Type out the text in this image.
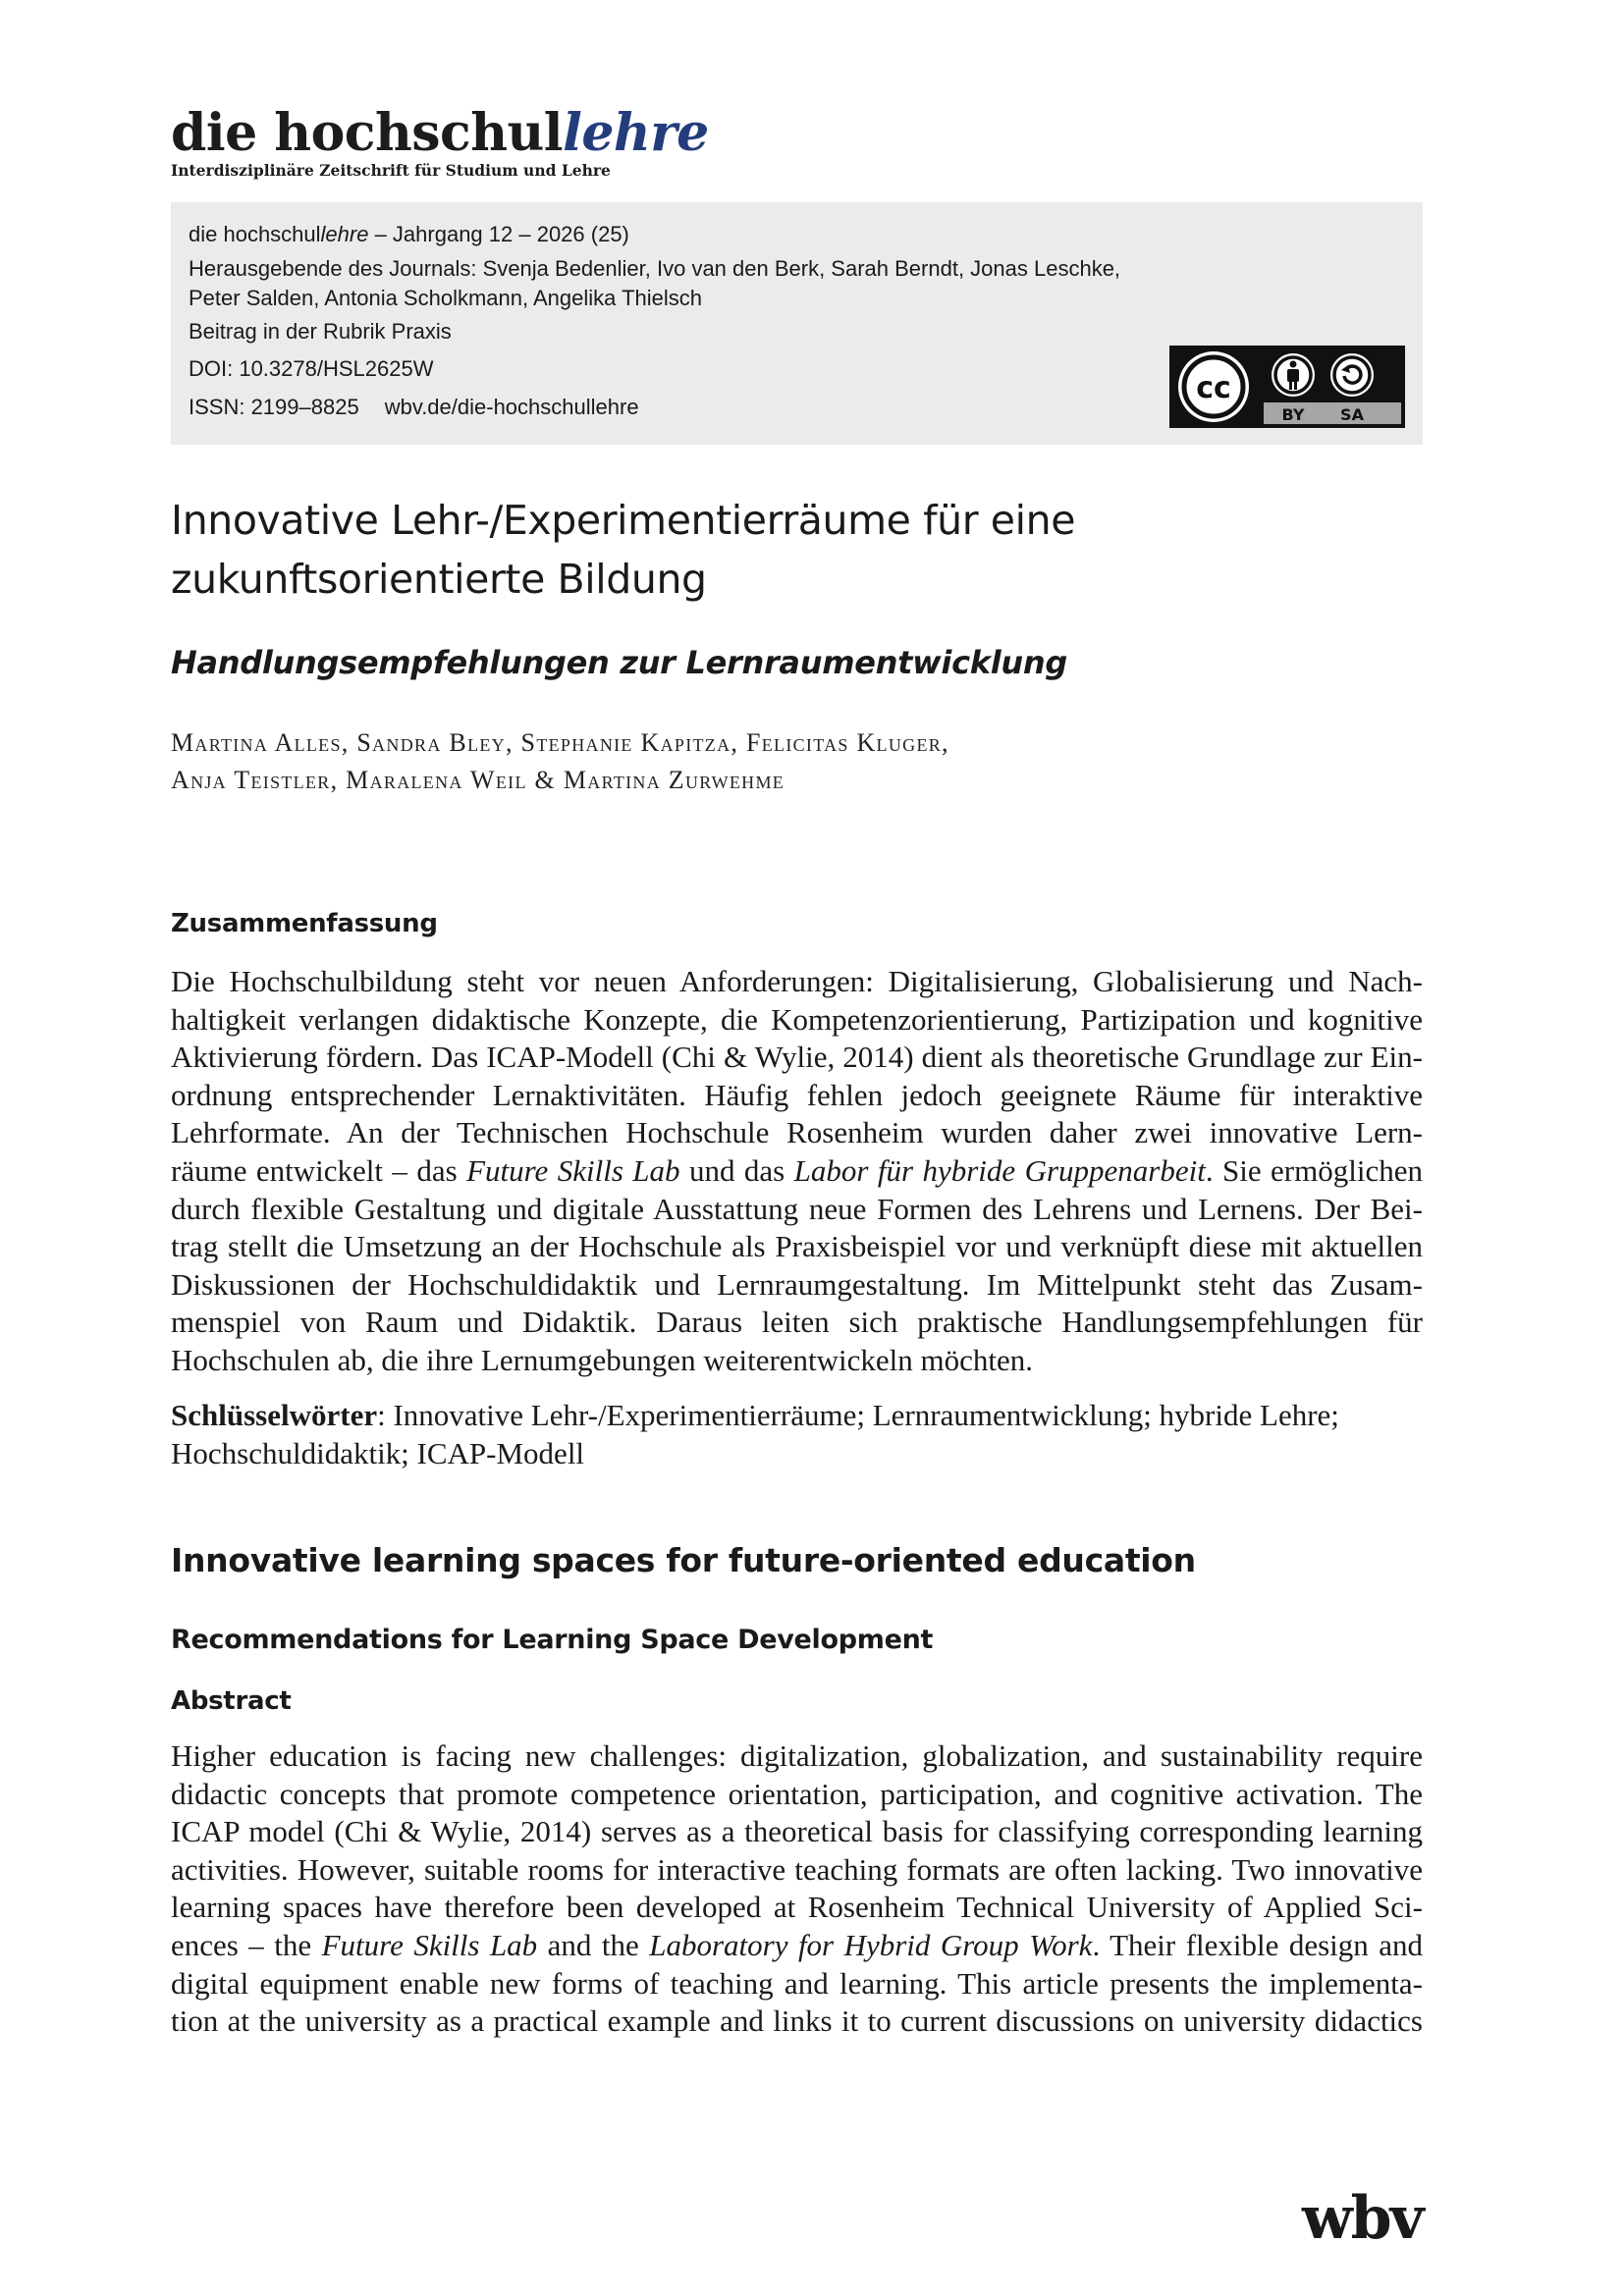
die hochschullehre
Interdisziplinäre Zeitschrift für Studium und Lehre
die hochschullehre – Jahrgang 12 – 2026 (25)
Herausgebende des Journals: Svenja Bedenlier, Ivo van den Berk, Sarah Berndt, Jonas Leschke,
Peter Salden, Antonia Scholkmann, Angelika Thielsch
Beitrag in der Rubrik Praxis
DOI: 10.3278/HSL2625W
ISSN: 2199–8825 wbv.de/die-hochschullehre
cc
BY SA
Innovative Lehr-/Experimentierräume für eine
zukunftsorientierte Bildung
Handlungsempfehlungen zur Lernraumentwicklung
Martina Alles, Sandra Bley, Stephanie Kapitza, Felicitas Kluger,
Anja Teistler, Maralena Weil & Martina Zurwehme
Zusammenfassung
Die Hochschulbildung steht vor neuen Anforderungen: Digitalisierung, Globalisierung und Nach-
haltigkeit verlangen didaktische Konzepte, die Kompetenzorientierung, Partizipation und kognitive
Aktivierung fördern. Das ICAP-Modell (Chi & Wylie, 2014) dient als theoretische Grundlage zur Ein-
ordnung entsprechender Lernaktivitäten. Häufig fehlen jedoch geeignete Räume für interaktive
Lehrformate. An der Technischen Hochschule Rosenheim wurden daher zwei innovative Lern-
räume entwickelt – das Future Skills Lab und das Labor für hybride Gruppenarbeit. Sie ermöglichen
durch flexible Gestaltung und digitale Ausstattung neue Formen des Lehrens und Lernens. Der Bei-
trag stellt die Umsetzung an der Hochschule als Praxisbeispiel vor und verknüpft diese mit aktuellen
Diskussionen der Hochschuldidaktik und Lernraumgestaltung. Im Mittelpunkt steht das Zusam-
menspiel von Raum und Didaktik. Daraus leiten sich praktische Handlungsempfehlungen für
Hochschulen ab, die ihre Lernumgebungen weiterentwickeln möchten.
Schlüsselwörter: Innovative Lehr-/Experimentierräume; Lernraumentwicklung; hybride Lehre;
Hochschuldidaktik; ICAP-Modell
Innovative learning spaces for future-oriented education
Recommendations for Learning Space Development
Abstract
Higher education is facing new challenges: digitalization, globalization, and sustainability require
didactic concepts that promote competence orientation, participation, and cognitive activation. The
ICAP model (Chi & Wylie, 2014) serves as a theoretical basis for classifying corresponding learning
activities. However, suitable rooms for interactive teaching formats are often lacking. Two innovative
learning spaces have therefore been developed at Rosenheim Technical University of Applied Sci-
ences – the Future Skills Lab and the Laboratory for Hybrid Group Work. Their flexible design and
digital equipment enable new forms of teaching and learning. This article presents the implementa-
tion at the university as a practical example and links it to current discussions on university didactics
wbv
